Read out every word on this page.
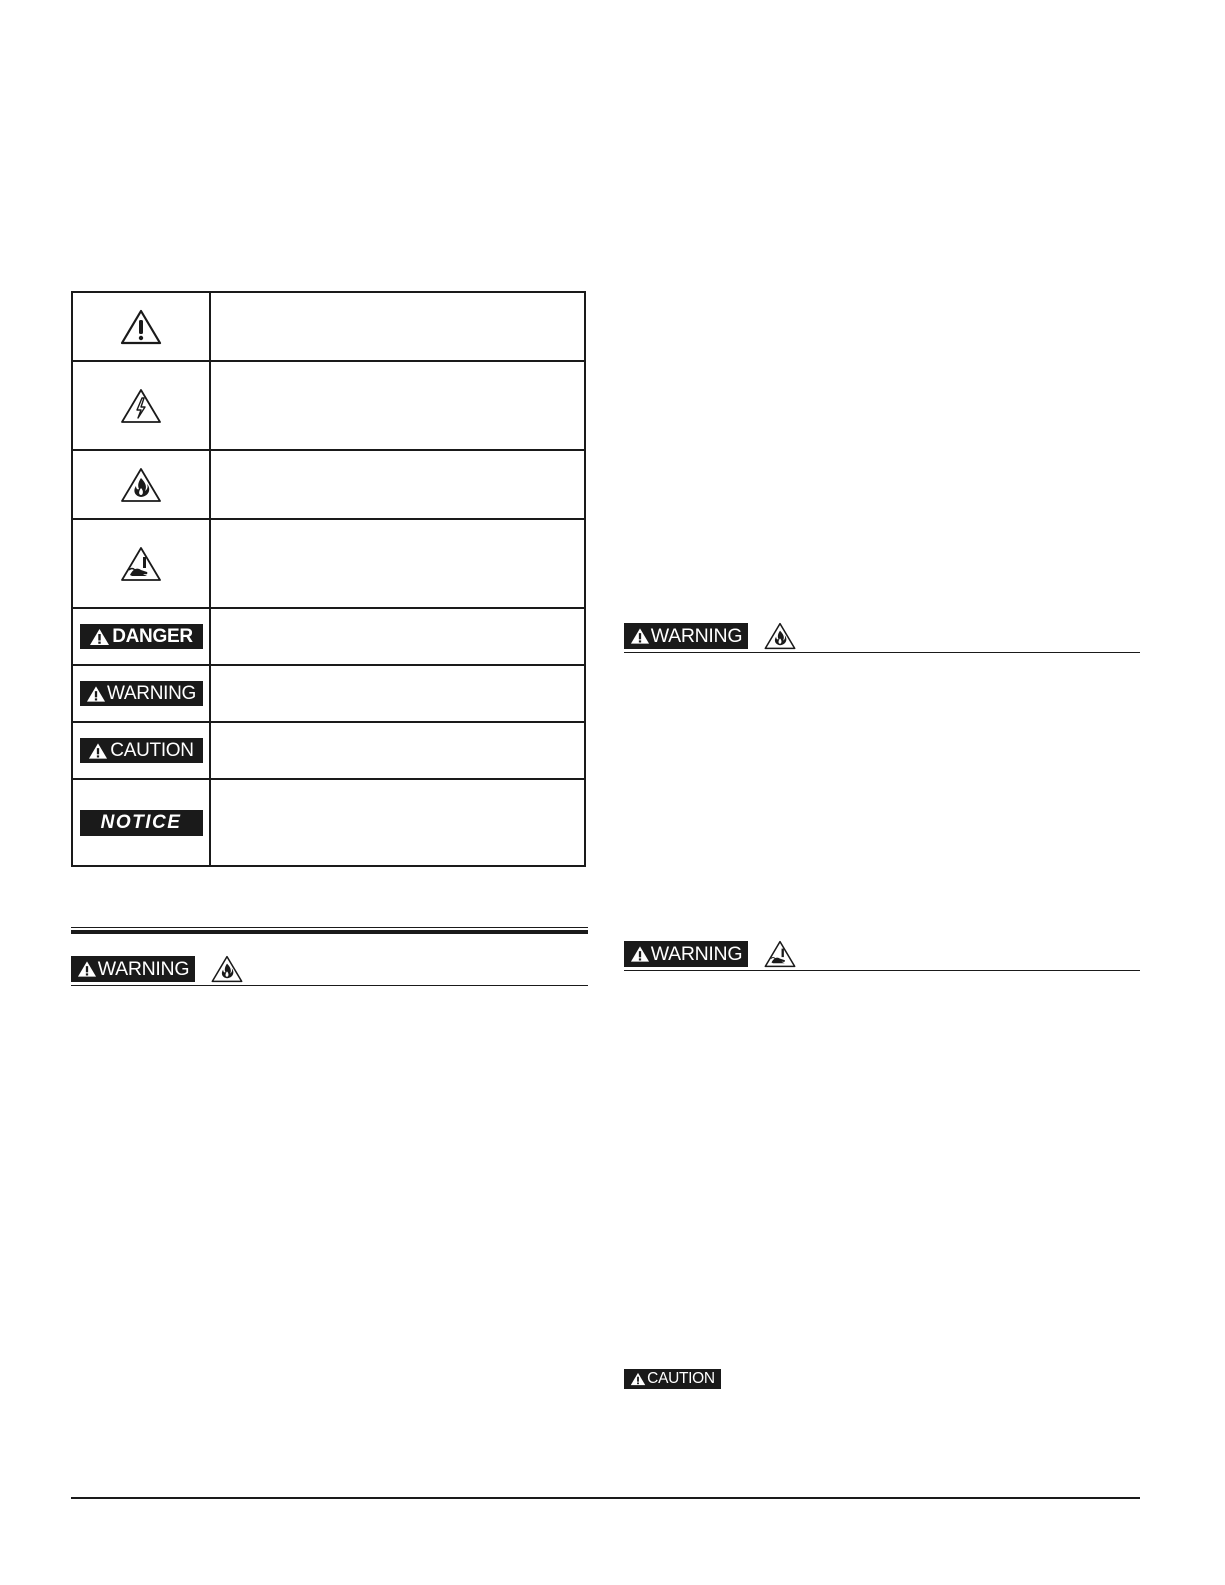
DANGER
WARNING
CAUTION
NOTICE
WARNING
WARNING
WARNING
CAUTION
